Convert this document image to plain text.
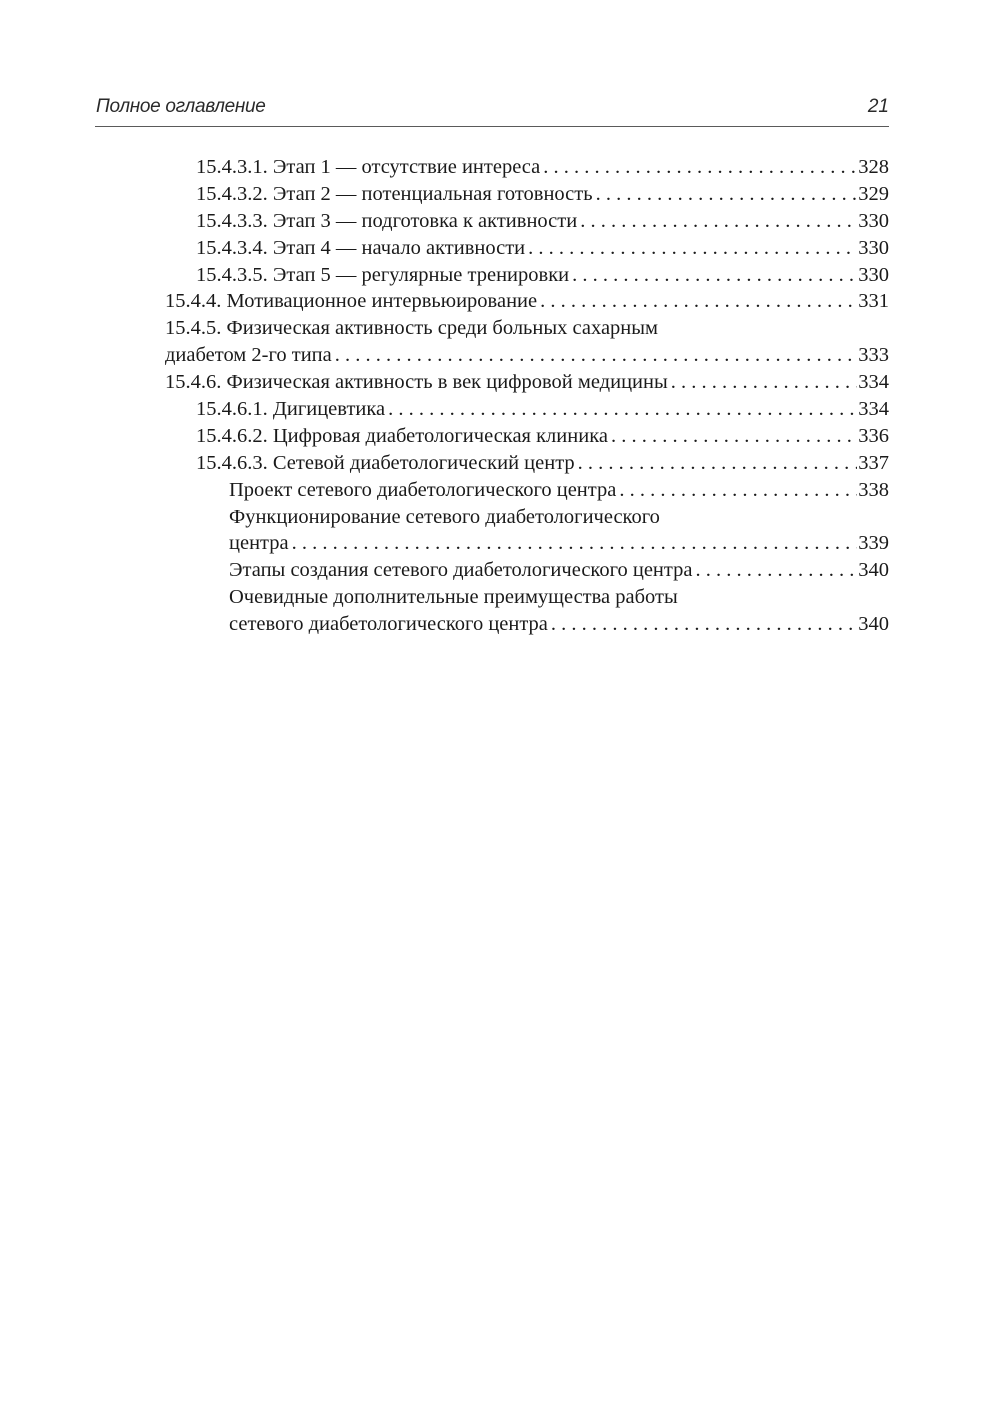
Полное оглавление	21
15.4.3.1. Этап 1 — отсутствие интереса . . .	328
15.4.3.2. Этап 2 — потенциальная готовность . . .	329
15.4.3.3. Этап 3 — подготовка к активности . . .	330
15.4.3.4. Этап 4 — начало активности . . .	330
15.4.3.5. Этап 5 — регулярные тренировки . . .	330
15.4.4. Мотивационное интервьюирование . . .	331
15.4.5. Физическая активность среди больных сахарным
диабетом 2-го типа . . .	333
15.4.6. Физическая активность в век цифровой медицины . . .	334
15.4.6.1. Дигицевтика . . .	334
15.4.6.2. Цифровая диабетологическая клиника . . .	336
15.4.6.3. Сетевой диабетологический центр . . .	337
Проект сетевого диабетологического центра . . .	338
Функционирование сетевого диабетологического
центра . . .	339
Этапы создания сетевого диабетологического центра . . .	340
Очевидные дополнительные преимущества работы
сетевого диабетологического центра . . .	340
